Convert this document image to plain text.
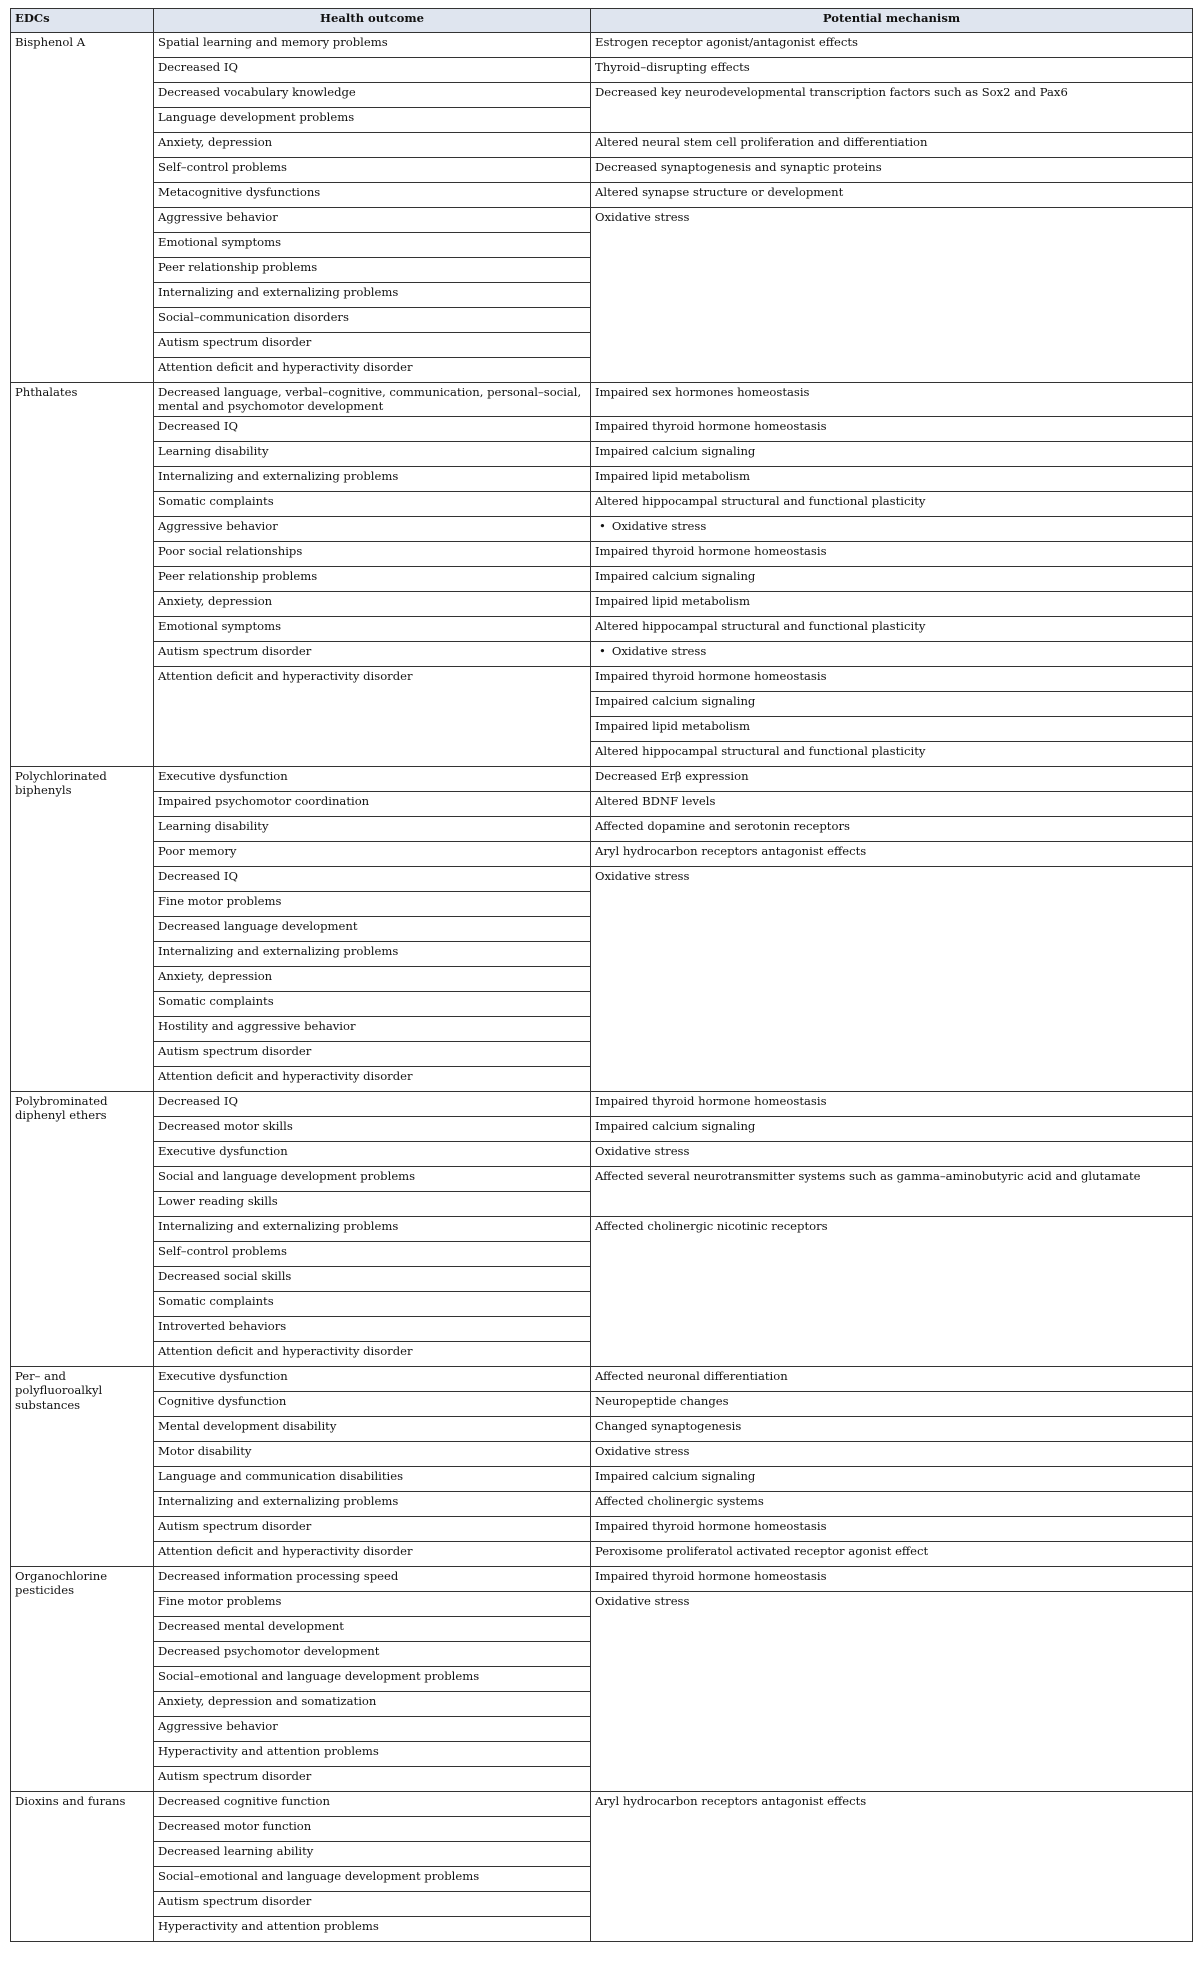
EDCs	Health outcome	Potential mechanism
Bisphenol A	Spatial learning and memory problems	Estrogen receptor agonist/antagonist effects
	Decreased IQ	Thyroid–disrupting effects
	Decreased vocabulary knowledge	Decreased key neurodevelopmental transcription factors such as Sox2 and Pax6
	Language development problems	
	Anxiety, depression	Altered neural stem cell proliferation and differentiation
	Self–control problems	Decreased synaptogenesis and synaptic proteins
	Metacognitive dysfunctions	Altered synapse structure or development
	Aggressive behavior	Oxidative stress
	Emotional symptoms	
	Peer relationship problems	
	Internalizing and externalizing problems	
	Social–communication disorders	
	Autism spectrum disorder	
	Attention deficit and hyperactivity disorder	
Phthalates	Decreased language, verbal–cognitive, communication, personal–social, mental and psychomotor development	Impaired sex hormones homeostasis
	Decreased IQ	Impaired thyroid hormone homeostasis
	Learning disability	Impaired calcium signaling
	Internalizing and externalizing problems	Impaired lipid metabolism
	Somatic complaints	Altered hippocampal structural and functional plasticity
	Aggressive behavior	• Oxidative stress
	Poor social relationships	Impaired thyroid hormone homeostasis
	Peer relationship problems	Impaired calcium signaling
	Anxiety, depression	Impaired lipid metabolism
	Emotional symptoms	Altered hippocampal structural and functional plasticity
	Autism spectrum disorder	• Oxidative stress
	Attention deficit and hyperactivity disorder	Impaired thyroid hormone homeostasis
		Impaired calcium signaling
		Impaired lipid metabolism
		Altered hippocampal structural and functional plasticity
Polychlorinated biphenyls	Executive dysfunction	Decreased Erβ expression
	Impaired psychomotor coordination	Altered BDNF levels
	Learning disability	Affected dopamine and serotonin receptors
	Poor memory	Aryl hydrocarbon receptors antagonist effects
	Decreased IQ	Oxidative stress
	Fine motor problems	
	Decreased language development	
	Internalizing and externalizing problems	
	Anxiety, depression	
	Somatic complaints	
	Hostility and aggressive behavior	
	Autism spectrum disorder	
	Attention deficit and hyperactivity disorder	
Polybrominated diphenyl ethers	Decreased IQ	Impaired thyroid hormone homeostasis
	Decreased motor skills	Impaired calcium signaling
	Executive dysfunction	Oxidative stress
	Social and language development problems	Affected several neurotransmitter systems such as gamma–aminobutyric acid and glutamate
	Lower reading skills	
	Internalizing and externalizing problems	Affected cholinergic nicotinic receptors
	Self–control problems	
	Decreased social skills	
	Somatic complaints	
	Introverted behaviors	
	Attention deficit and hyperactivity disorder	
Per– and polyfluoroalkyl substances	Executive dysfunction	Affected neuronal differentiation
	Cognitive dysfunction	Neuropeptide changes
	Mental development disability	Changed synaptogenesis
	Motor disability	Oxidative stress
	Language and communication disabilities	Impaired calcium signaling
	Internalizing and externalizing problems	Affected cholinergic systems
	Autism spectrum disorder	Impaired thyroid hormone homeostasis
	Attention deficit and hyperactivity disorder	Peroxisome proliferatol activated receptor agonist effect
Organochlorine pesticides	Decreased information processing speed	Impaired thyroid hormone homeostasis
	Fine motor problems	Oxidative stress
	Decreased mental development	
	Decreased psychomotor development	
	Social–emotional and language development problems	
	Anxiety, depression and somatization	
	Aggressive behavior	
	Hyperactivity and attention problems	
	Autism spectrum disorder	
Dioxins and furans	Decreased cognitive function	Aryl hydrocarbon receptors antagonist effects
	Decreased motor function	
	Decreased learning ability	
	Social–emotional and language development problems	
	Autism spectrum disorder	
	Hyperactivity and attention problems	
